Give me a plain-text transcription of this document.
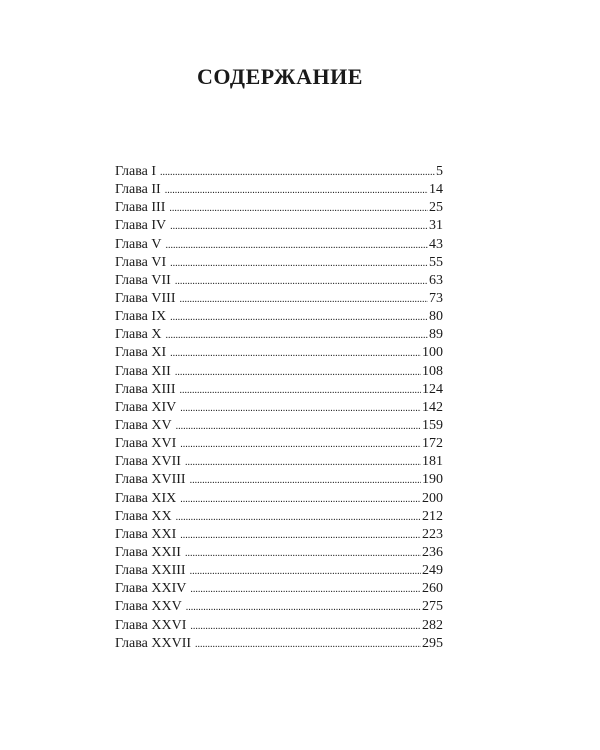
СОДЕРЖАНИЕ
Глава I .....	5
Глава II .....	14
Глава III .....	25
Глава IV .....	31
Глава V .....	43
Глава VI .....	55
Глава VII .....	63
Глава VIII .....	73
Глава IX .....	80
Глава X .....	89
Глава XI .....	100
Глава XII .....	108
Глава XIII .....	124
Глава XIV .....	142
Глава XV .....	159
Глава XVI .....	172
Глава XVII .....	181
Глава XVIII .....	190
Глава XIX .....	200
Глава XX .....	212
Глава XXI .....	223
Глава XXII .....	236
Глава XXIII .....	249
Глава XXIV .....	260
Глава XXV .....	275
Глава XXVI .....	282
Глава XXVII .....	295
